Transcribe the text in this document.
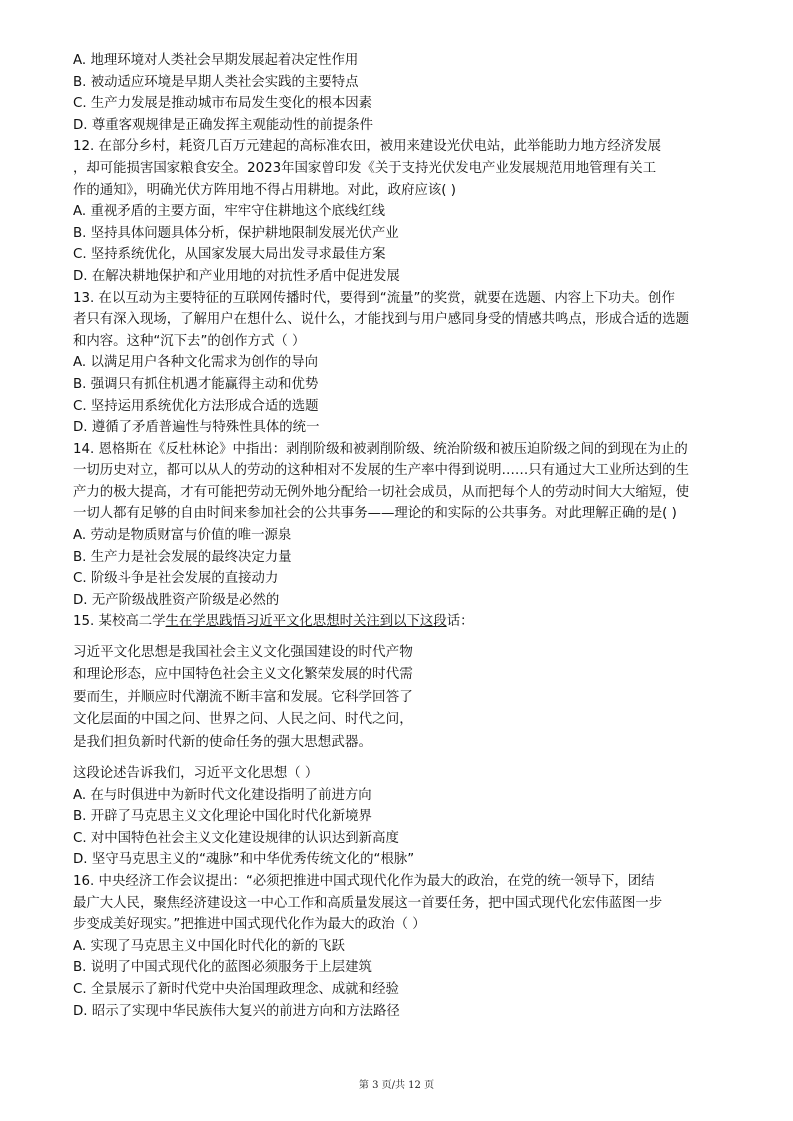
A. 地理环境对人类社会早期发展起着决定性作用

B. 被动适应环境是早期人类社会实践的主要特点

C. 生产力发展是推动城市布局发生变化的根本因素

D. 尊重客观规律是正确发挥主观能动性的前提条件

12. 在部分乡村，耗资几百万元建起的高标准农田，被用来建设光伏电站，此举能助力地方经济发展

，却可能损害国家粮食安全。2023年国家曾印发《关于支持光伏发电产业发展规范用地管理有关工

作的通知》，明确光伏方阵用地不得占用耕地。对此，政府应该( )

A. 重视矛盾的主要方面，牢牢守住耕地这个底线红线

B. 坚持具体问题具体分析，保护耕地限制发展光伏产业

C. 坚持系统优化，从国家发展大局出发寻求最佳方案

D. 在解决耕地保护和产业用地的对抗性矛盾中促进发展

13. 在以互动为主要特征的互联网传播时代，要得到“流量”的奖赏，就要在选题、内容上下功夫。创作

者只有深入现场，了解用户在想什么、说什么，才能找到与用户感同身受的情感共鸣点，形成合适的选题

和内容。这种“沉下去”的创作方式（ ）

A. 以满足用户各种文化需求为创作的导向

B. 强调只有抓住机遇才能赢得主动和优势

C. 坚持运用系统优化方法形成合适的选题

D. 遵循了矛盾普遍性与特殊性具体的统一

14. 恩格斯在《反杜林论》中指出：剥削阶级和被剥削阶级、统治阶级和被压迫阶级之间的到现在为止的

一切历史对立，都可以从人的劳动的这种相对不发展的生产率中得到说明……只有通过大工业所达到的生

产力的极大提高，才有可能把劳动无例外地分配给一切社会成员，从而把每个人的劳动时间大大缩短，使

一切人都有足够的自由时间来参加社会的公共事务——理论的和实际的公共事务。对此理解正确的是( )

A. 劳动是物质财富与价值的唯一源泉

B. 生产力是社会发展的最终决定力量

C. 阶级斗争是社会发展的直接动力

D. 无产阶级战胜资产阶级是必然的

15. 某校高二学生在学思践悟习近平文化思想时关注到以下这段话：

习近平文化思想是我国社会主义文化强国建设的时代产物

和理论形态，应中国特色社会主义文化繁荣发展的时代需

要而生，并顺应时代潮流不断丰富和发展。它科学回答了

文化层面的中国之问、世界之问、人民之问、时代之问，

是我们担负新时代新的使命任务的强大思想武器。

这段论述告诉我们，习近平文化思想（ ）

A. 在与时俱进中为新时代文化建设指明了前进方向

B. 开辟了马克思主义文化理论中国化时代化新境界

C. 对中国特色社会主义文化建设规律的认识达到新高度

D. 坚守马克思主义的“魂脉”和中华优秀传统文化的“根脉”

16. 中央经济工作会议提出：“必须把推进中国式现代化作为最大的政治，在党的统一领导下，团结

最广大人民，聚焦经济建设这一中心工作和高质量发展这一首要任务，把中国式现代化宏伟蓝图一步

步变成美好现实。”把推进中国式现代化作为最大的政治（ ）

A. 实现了马克思主义中国化时代化的新的飞跃

B. 说明了中国式现代化的蓝图必须服务于上层建筑

C. 全景展示了新时代党中央治国理政理念、成就和经验

D. 昭示了实现中华民族伟大复兴的前进方向和方法路径

第 3 页/共 12 页
